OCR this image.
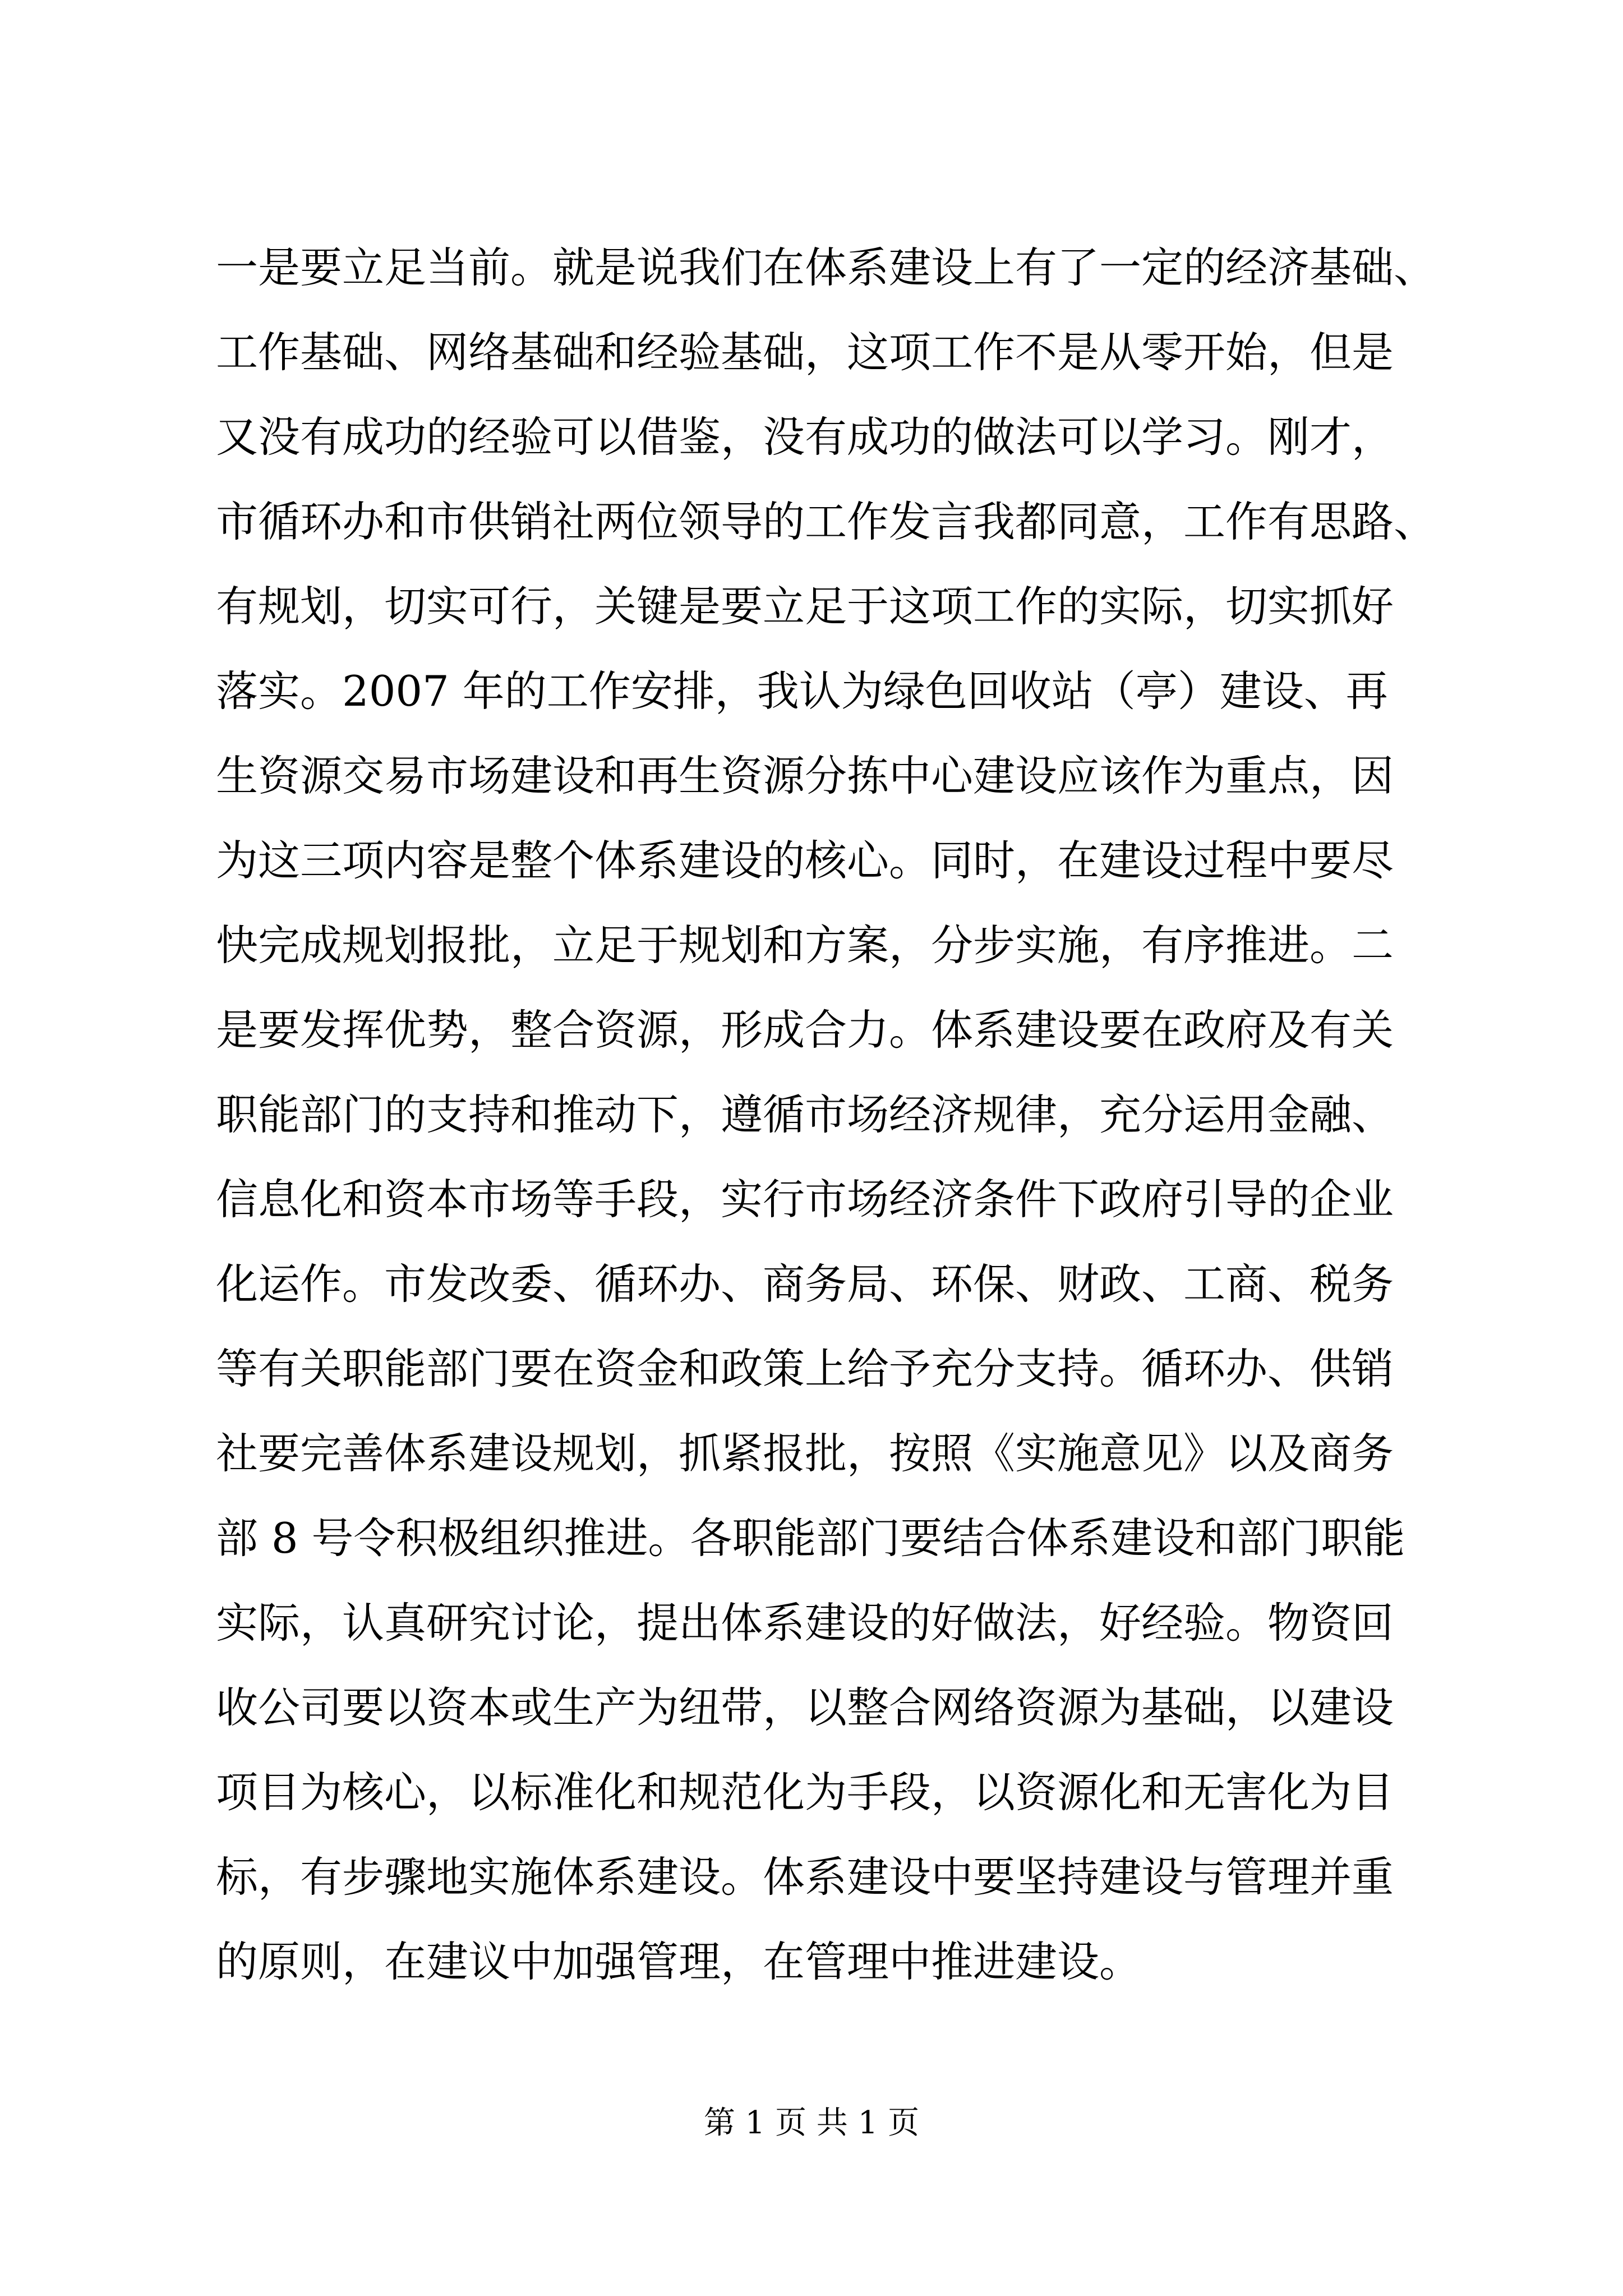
一是要立足当前。就是说我们在体系建设上有了一定的经济基础、
工作基础、网络基础和经验基础，这项工作不是从零开始，但是
又没有成功的经验可以借鉴，没有成功的做法可以学习。刚才，
市循环办和市供销社两位领导的工作发言我都同意，工作有思路、
有规划，切实可行，关键是要立足于这项工作的实际，切实抓好
落实。2007 年的工作安排，我认为绿色回收站（亭）建设、再
生资源交易市场建设和再生资源分拣中心建设应该作为重点，因
为这三项内容是整个体系建设的核心。同时，在建设过程中要尽
快完成规划报批，立足于规划和方案，分步实施，有序推进。二
是要发挥优势，整合资源，形成合力。体系建设要在政府及有关
职能部门的支持和推动下，遵循市场经济规律，充分运用金融、
信息化和资本市场等手段，实行市场经济条件下政府引导的企业
化运作。市发改委、循环办、商务局、环保、财政、工商、税务
等有关职能部门要在资金和政策上给予充分支持。循环办、供销
社要完善体系建设规划，抓紧报批，按照《实施意见》以及商务
部 8 号令积极组织推进。各职能部门要结合体系建设和部门职能
实际，认真研究讨论，提出体系建设的好做法，好经验。物资回
收公司要以资本或生产为纽带，以整合网络资源为基础，以建设
项目为核心，以标准化和规范化为手段，以资源化和无害化为目
标，有步骤地实施体系建设。体系建设中要坚持建设与管理并重
的原则，在建议中加强管理，在管理中推进建设。
第 1 页 共 1 页
